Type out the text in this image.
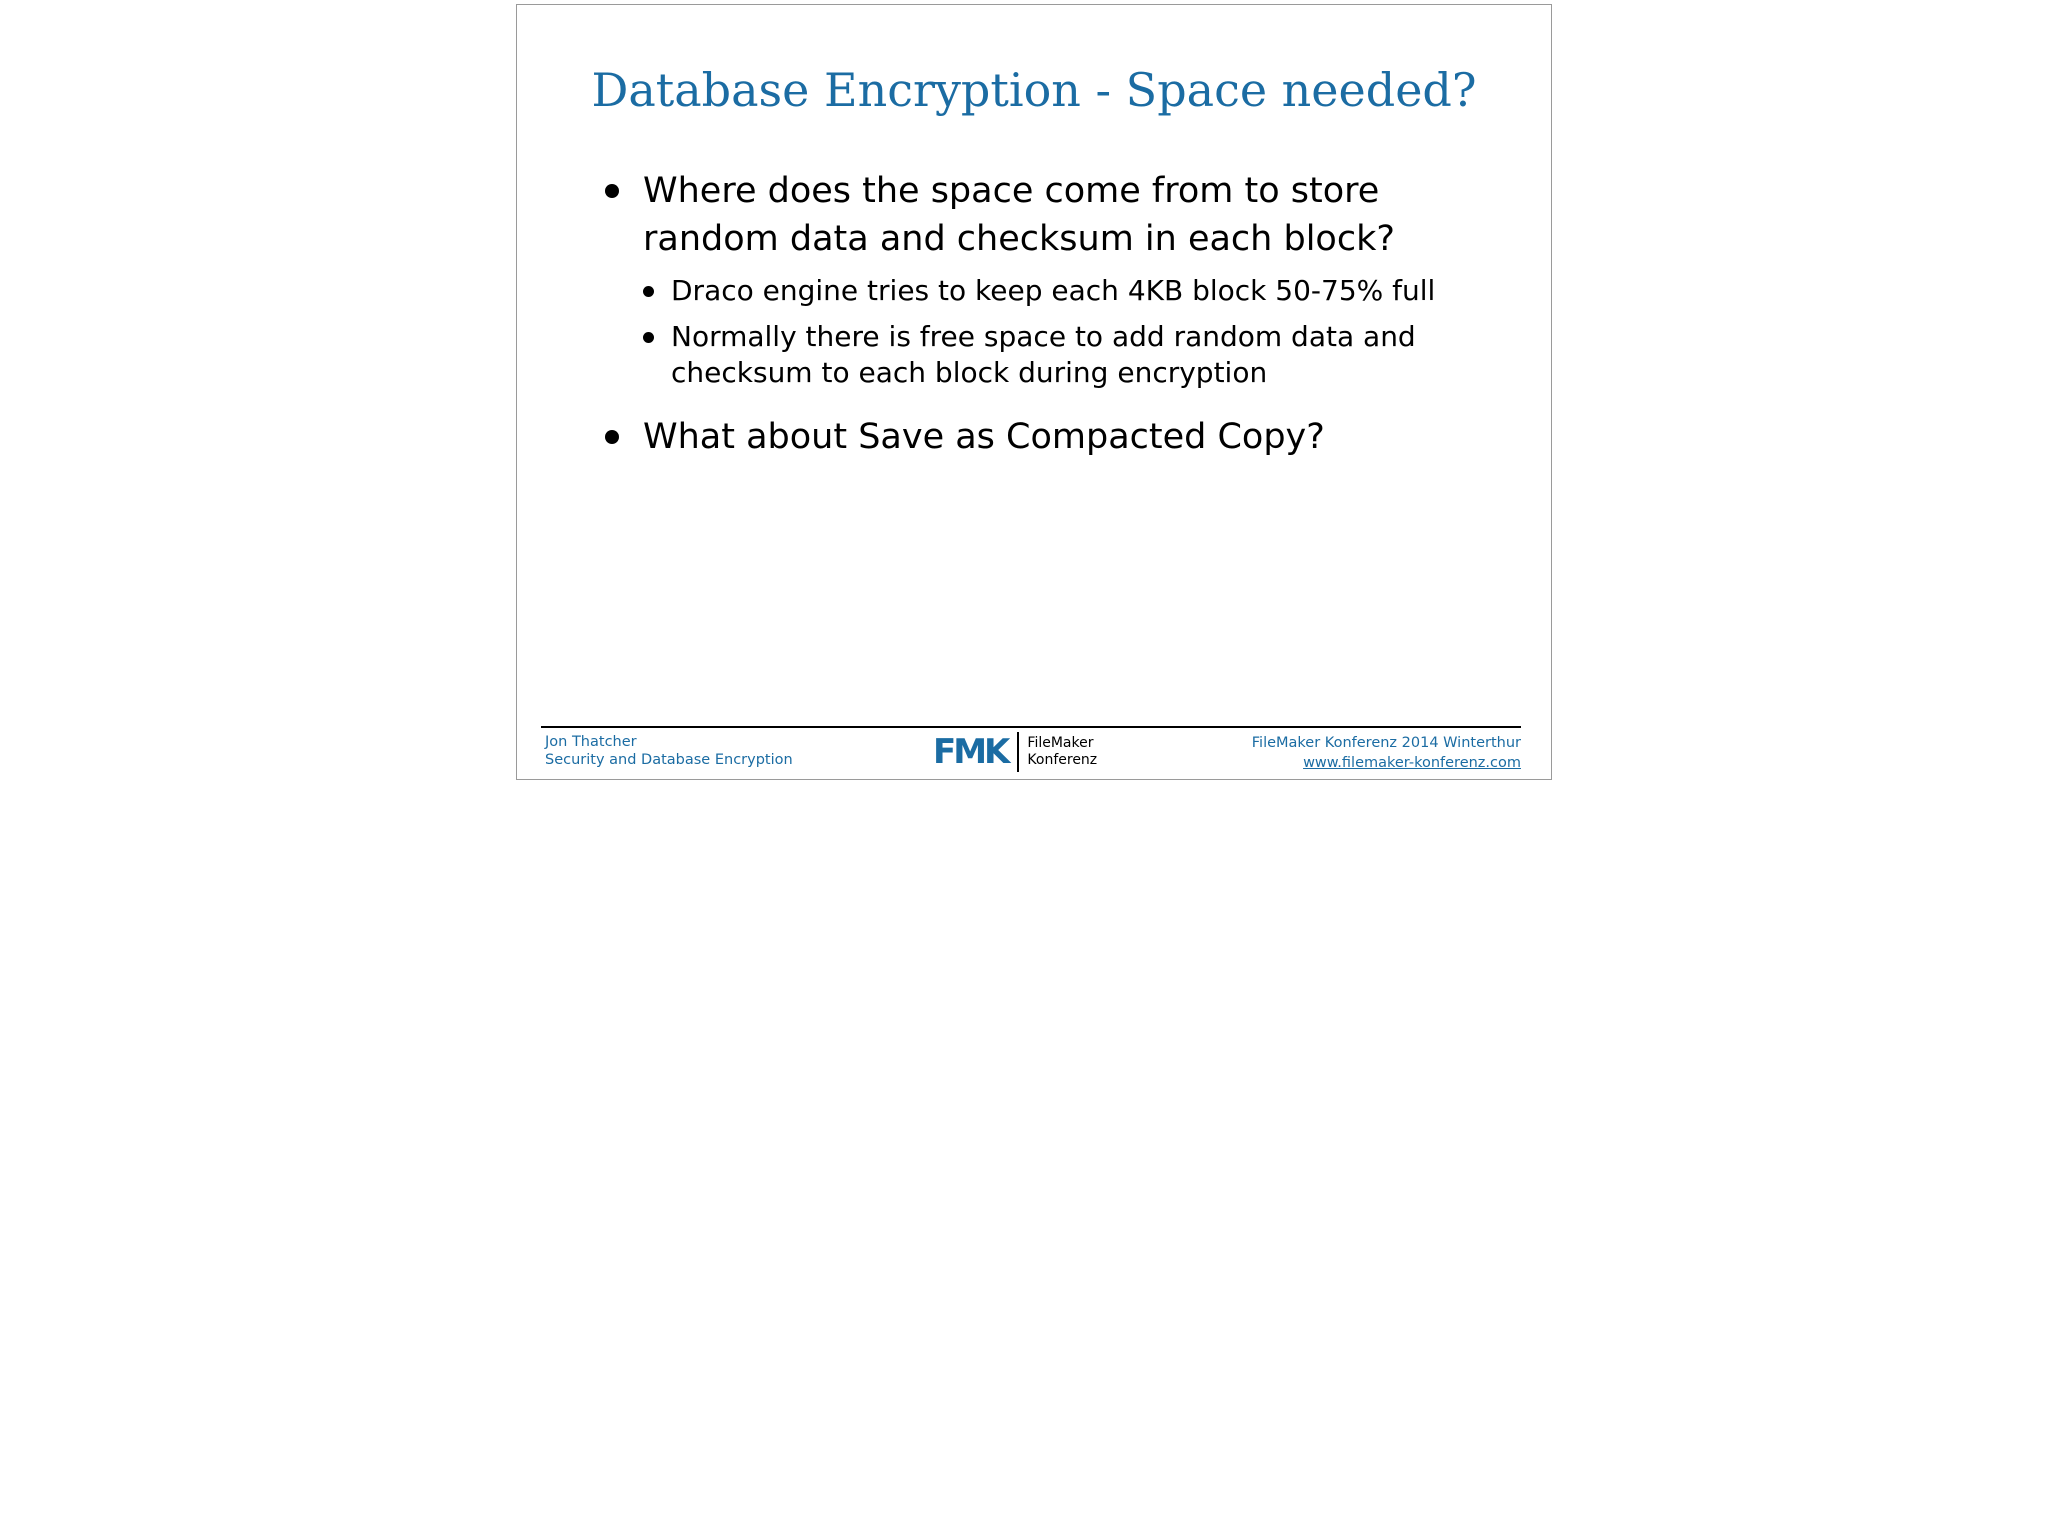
Database Encryption - Space needed?
Where does the space come from to store
random data and checksum in each block?
Draco engine tries to keep each 4KB block 50-75% full
Normally there is free space to add random data and
checksum to each block during encryption
What about Save as Compacted Copy?
Jon Thatcher
Security and Database Encryption	FMK FileMaker
Konferenz
FileMaker Konferenz 2014 Winterthur
www.filemaker-konferenz.com
